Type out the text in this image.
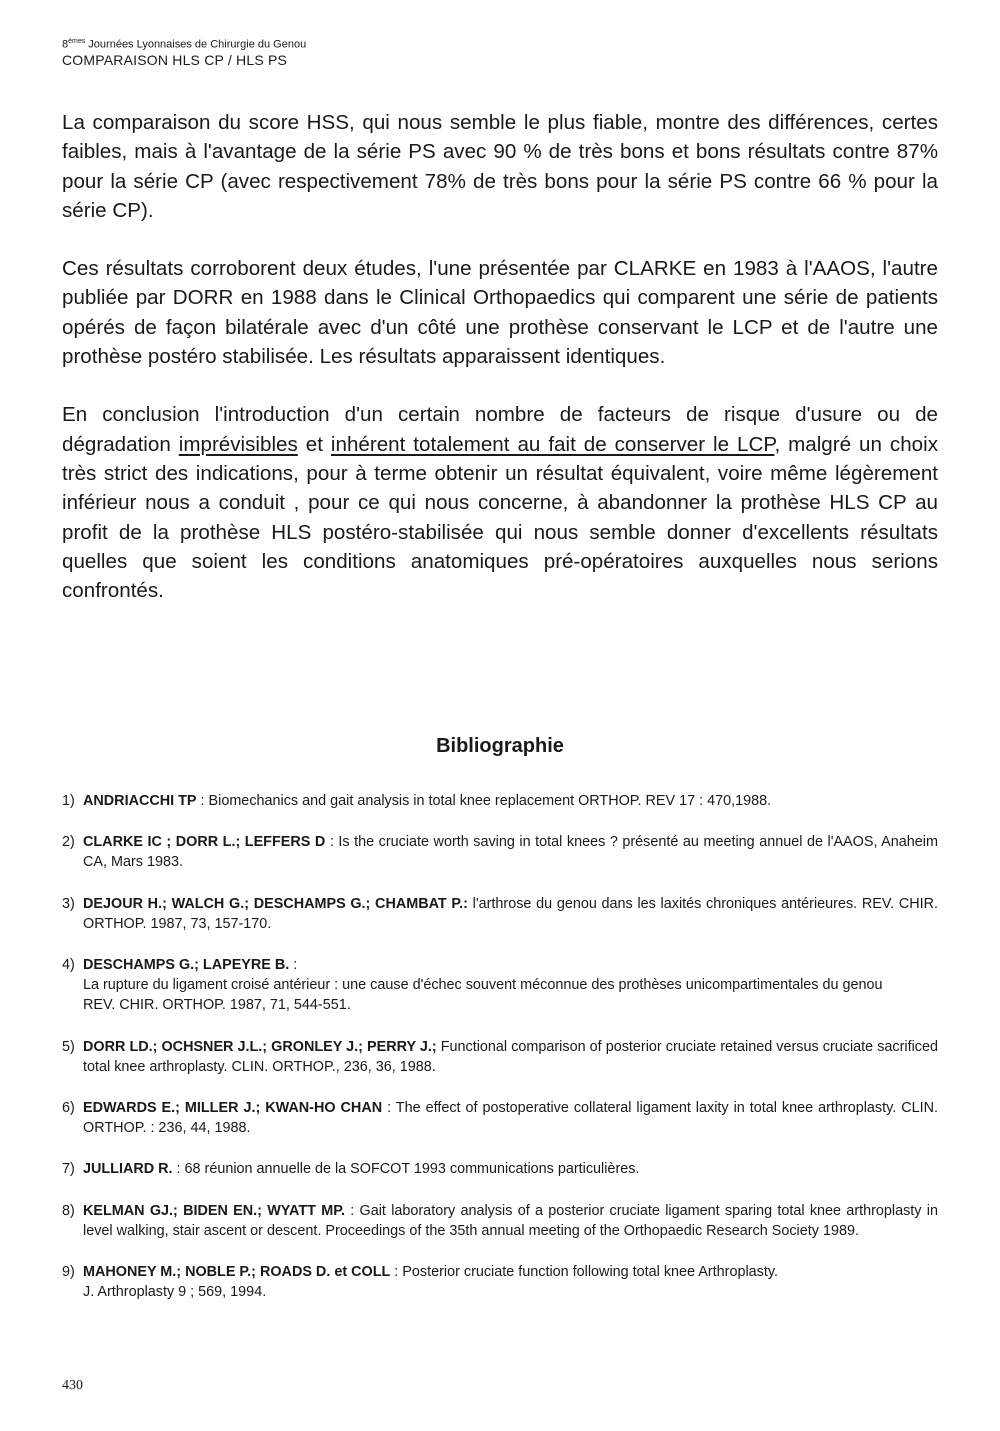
8èmes Journées Lyonnaises de Chirurgie du Genou
COMPARAISON HLS CP / HLS PS

La comparaison du score HSS, qui nous semble le plus fiable, montre des différences, certes faibles, mais à l'avantage de la série PS avec 90 % de très bons et bons résultats contre 87% pour la série CP (avec respectivement 78% de très bons pour la série PS contre 66 % pour la série CP).

Ces résultats corroborent deux études, l'une présentée par CLARKE en 1983 à l'AAOS, l'autre publiée par DORR en 1988 dans le Clinical Orthopaedics qui comparent une série de patients opérés de façon bilatérale avec d'un côté une prothèse conservant le LCP et de l'autre une prothèse postéro stabilisée. Les résultats apparaissent identiques.

En conclusion l'introduction d'un certain nombre de facteurs de risque d'usure ou de dégradation imprévisibles et inhérent totalement au fait de conserver le LCP, malgré un choix très strict des indications, pour à terme obtenir un résultat équivalent, voire même légèrement inférieur nous a conduit , pour ce qui nous concerne, à abandonner la prothèse HLS CP au profit de la prothèse HLS postéro-stabilisée qui nous semble donner d'excellents résultats quelles que soient les conditions anatomiques pré-opératoires auxquelles nous serions confrontés.

Bibliographie
1) ANDRIACCHI TP : Biomechanics and gait analysis in total knee replacement ORTHOP. REV 17 : 470,1988.
2) CLARKE IC ; DORR L.; LEFFERS D : Is the cruciate worth saving in total knees ? présenté au meeting annuel de l'AAOS, Anaheim CA, Mars 1983.
3) DEJOUR H.; WALCH G.; DESCHAMPS G.; CHAMBAT P.: l'arthrose du genou dans les laxités chroniques antérieures. REV. CHIR. ORTHOP. 1987, 73, 157-170.
4) DESCHAMPS G.; LAPEYRE B. :
La rupture du ligament croisé antérieur : une cause d'échec souvent méconnue des prothèses unicompartimentales du genou
REV. CHIR. ORTHOP. 1987, 71, 544-551.
5) DORR LD.; OCHSNER J.L.; GRONLEY J.; PERRY J.; Functional comparison of posterior cruciate retained versus cruciate sacrificed total knee arthroplasty. CLIN. ORTHOP., 236, 36, 1988.
6) EDWARDS E.; MILLER J.; KWAN-HO CHAN : The effect of postoperative collateral ligament laxity in total knee arthroplasty. CLIN. ORTHOP. : 236, 44, 1988.
7) JULLIARD R. : 68 réunion annuelle de la SOFCOT 1993 communications particulières.
8) KELMAN GJ.; BIDEN EN.; WYATT MP. : Gait laboratory analysis of a posterior cruciate ligament sparing total knee arthroplasty in level walking, stair ascent or descent. Proceedings of the 35th annual meeting of the Orthopaedic Research Society 1989.
9) MAHONEY M.; NOBLE P.; ROADS D. et COLL : Posterior cruciate function following total knee Arthroplasty.
J. Arthroplasty 9 ; 569, 1994.
430
